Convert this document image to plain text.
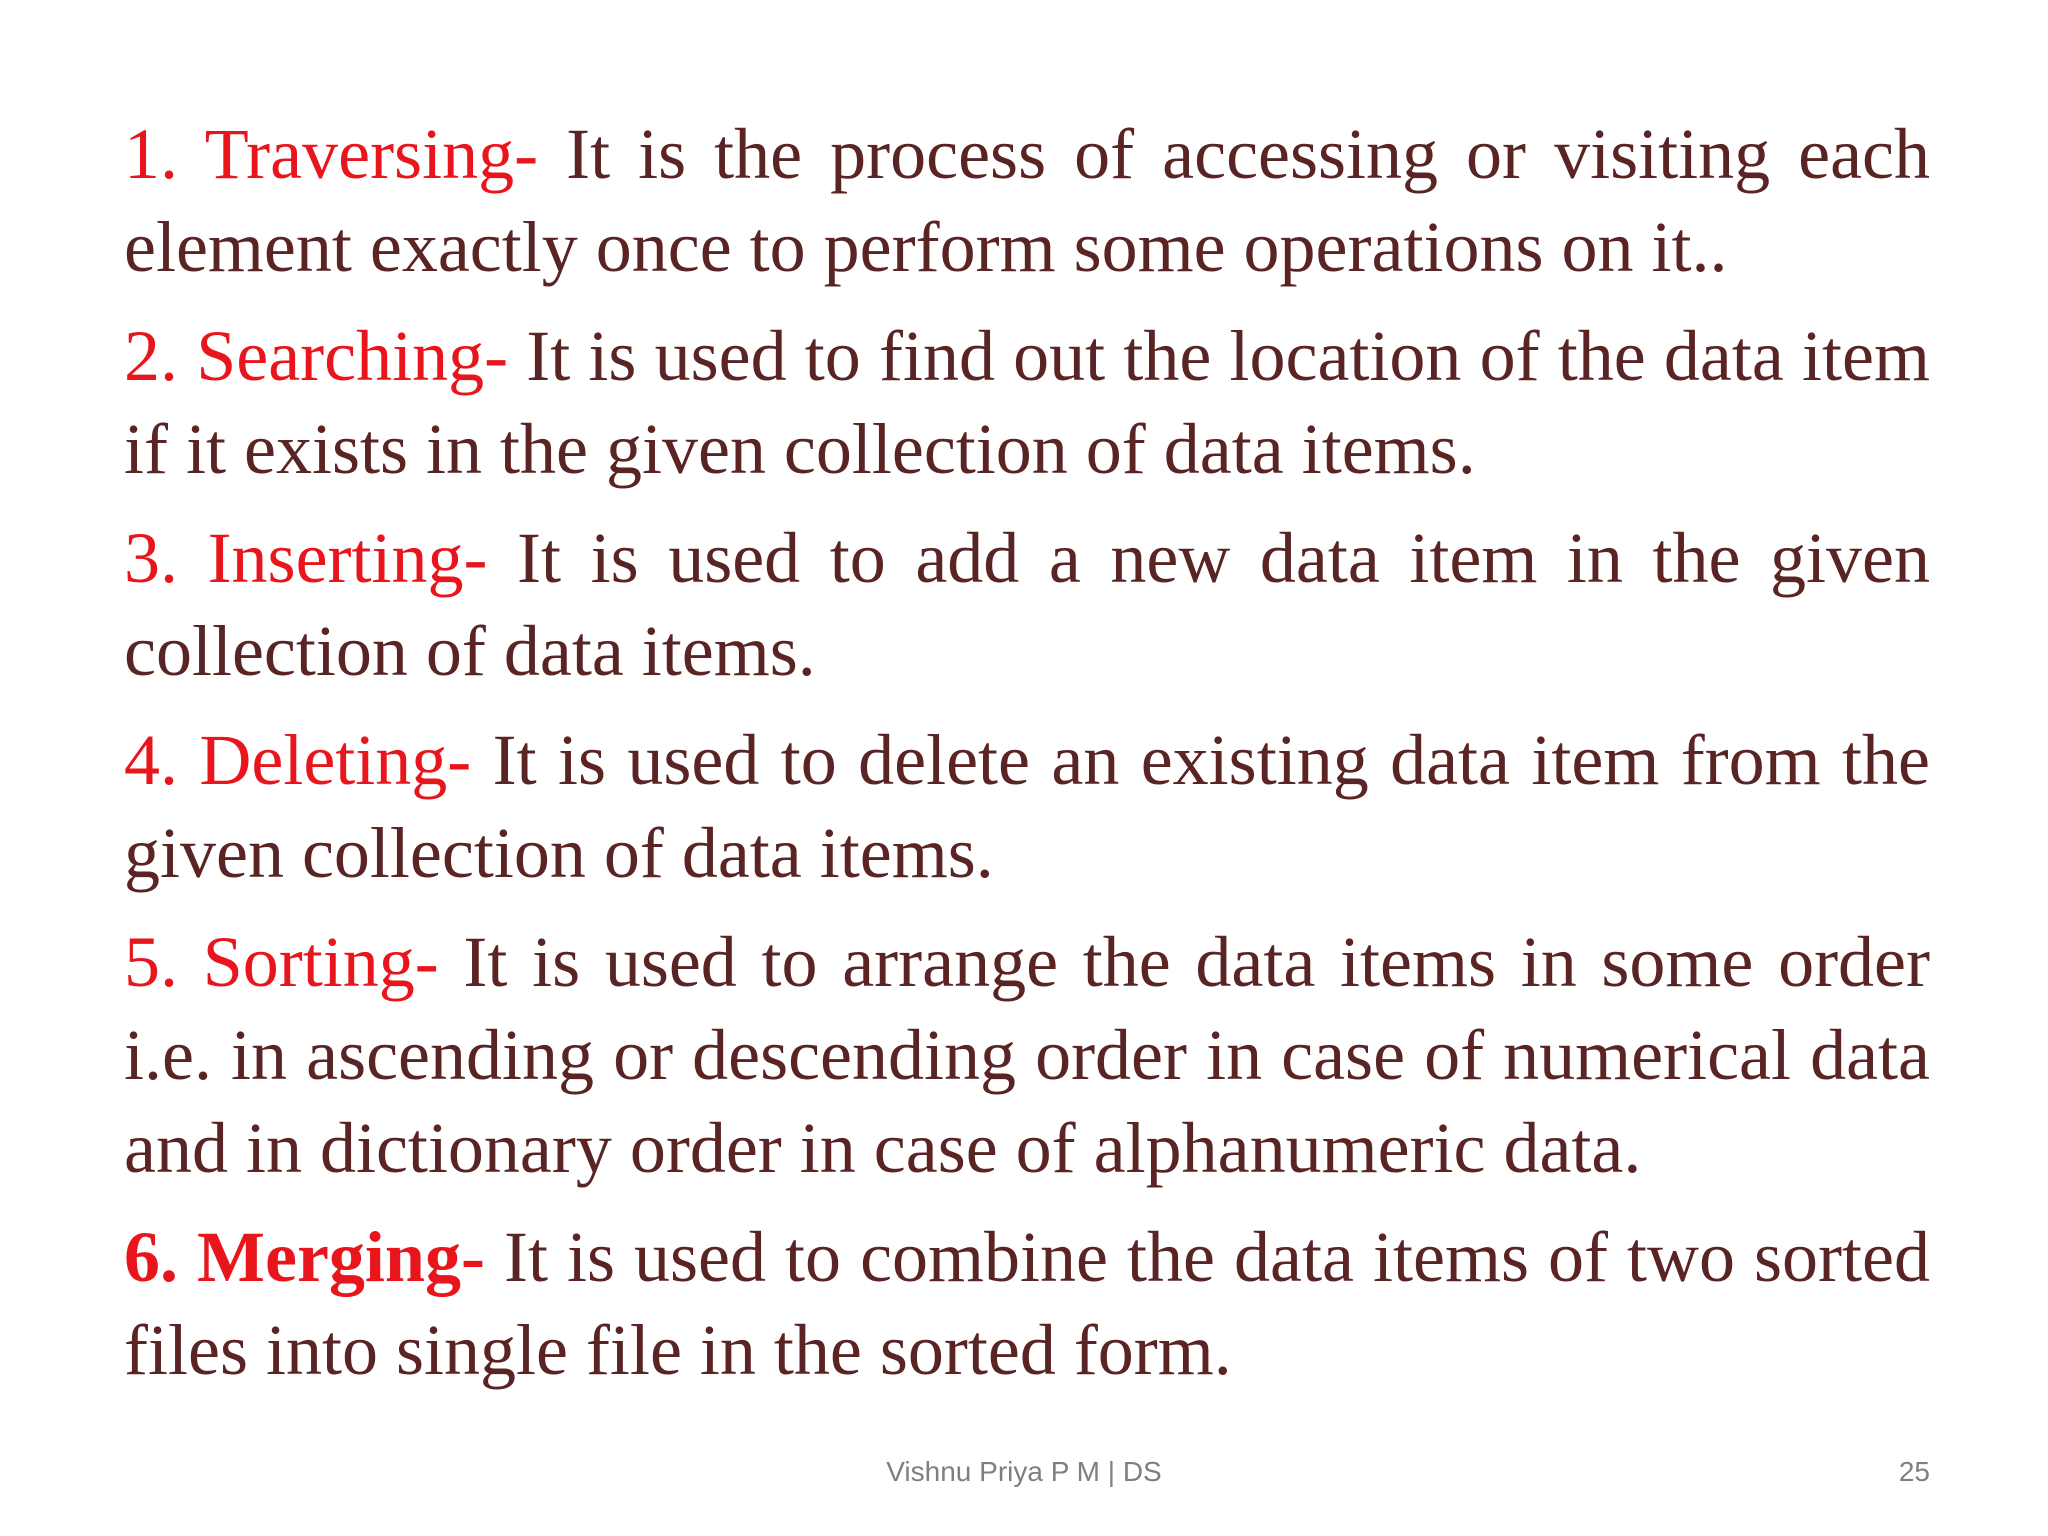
1. Traversing- It is the process of accessing or visiting each element exactly once to perform some operations on it..

2. Searching- It is used to find out the location of the data item if it exists in the given collection of data items.

3. Inserting- It is used to add a new data item in the given collection of data items.

4. Deleting- It is used to delete an existing data item from the given collection of data items.

5. Sorting- It is used to arrange the data items in some order i.e. in ascending or descending order in case of numerical data and in dictionary order in case of alphanumeric data.

6. Merging- It is used to combine the data items of two sorted files into single file in the sorted form.

Vishnu Priya P M | DS	25
